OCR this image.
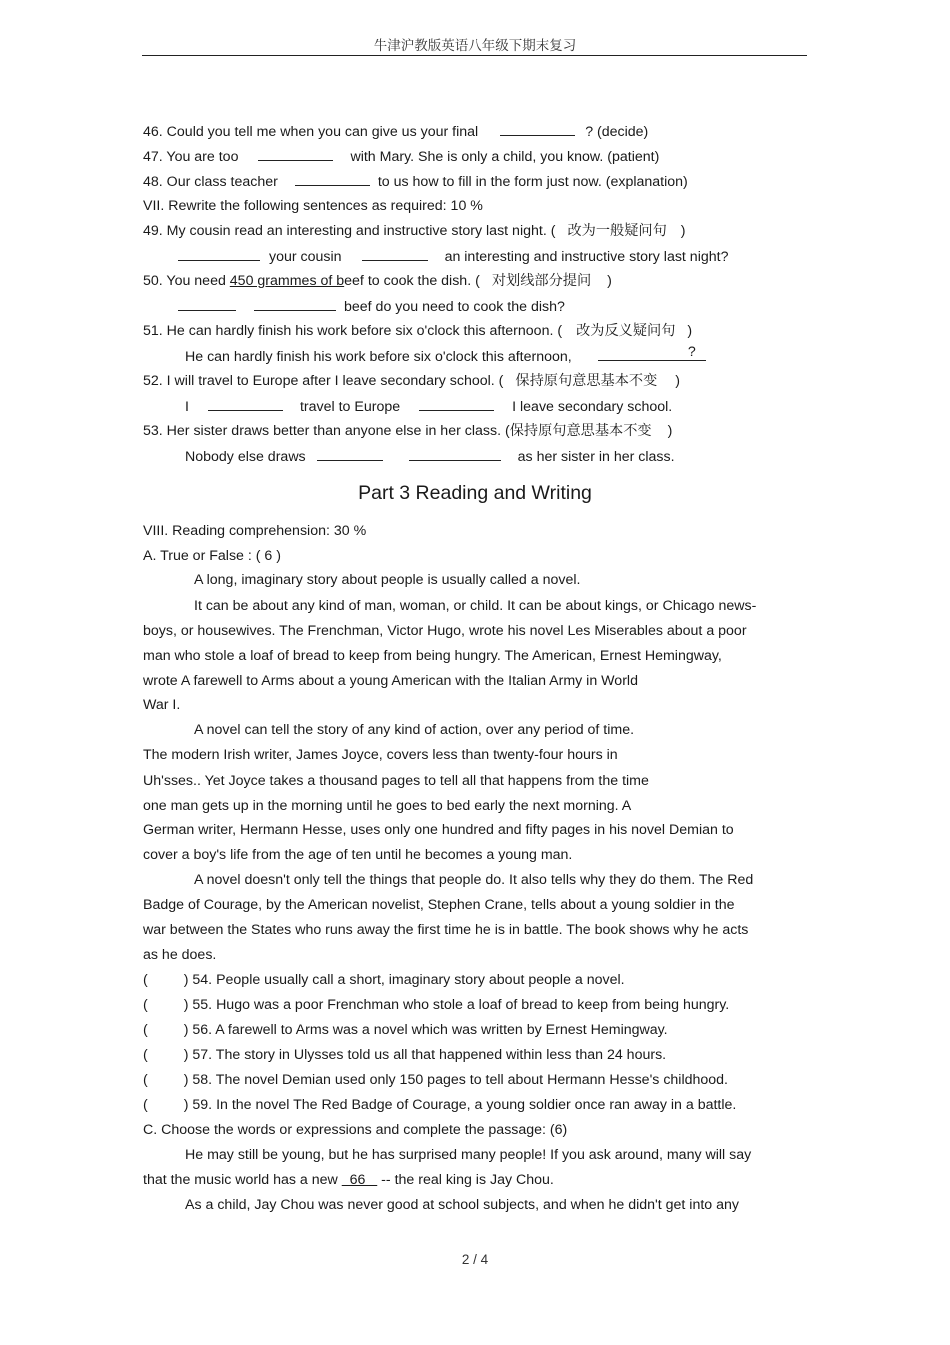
牛津沪教版英语八年级下期末复习
46. Could you tell me when you can give us your final	? (decide)
47. You are too	with Mary. She is only a child, you know. (patient)
48. Our class teacher	to us how to fill in the form just now. (explanation)
VII. Rewrite the following sentences as required: 10 %
49. My cousin read an interesting and instructive story last night. ( 改为一般疑问句 )
your cousin	an interesting and instructive story last night?
50. You need 450 grammes of beef to cook the dish. ( 对划线部分提问 )
beef do you need to cook the dish?
51. He can hardly finish his work before six o'clock this afternoon. ( 改为反义疑问句 )
He can hardly finish his work before six o'clock this afternoon,	?
52. I will travel to Europe after I leave secondary school. ( 保持原句意思基本不变 )
I	travel to Europe	I leave secondary school.
53. Her sister draws better than anyone else in her class. (保持原句意思基本不变 )
Nobody else draws	as her sister in her class.
Part 3 Reading and Writing
VIII. Reading comprehension: 30 %
A. True or False : ( 6 )
A long, imaginary story about people is usually called a novel.
It can be about any kind of man, woman, or child. It can be about kings, or Chicago news-
boys, or housewives. The Frenchman, Victor Hugo, wrote his novel Les Miserables about a poor
man who stole a loaf of bread to keep from being hungry. The American, Ernest Hemingway,
wrote A farewell to Arms about a young American with the Italian Army in World
War I.
A novel can tell the story of any kind of action, over any period of time.
The modern Irish writer, James Joyce, covers less than twenty-four hours in
Uh'sses.. Yet Joyce takes a thousand pages to tell all that happens from the time
one man gets up in the morning until he goes to bed early the next morning. A
German writer, Hermann Hesse, uses only one hundred and fifty pages in his novel Demian to
cover a boy's life from the age of ten until he becomes a young man.
A novel doesn't only tell the things that people do. It also tells why they do them. The Red
Badge of Courage, by the American novelist, Stephen Crane, tells about a young soldier in the
war between the States who runs away the first time he is in battle. The book shows why he acts
as he does.
(	) 54. People usually call a short, imaginary story about people a novel.
(	) 55. Hugo was a poor Frenchman who stole a loaf of bread to keep from being hungry.
(	) 56. A farewell to Arms was a novel which was written by Ernest Hemingway.
(	) 57. The story in Ulysses told us all that happened within less than 24 hours.
(	) 58. The novel Demian used only 150 pages to tell about Hermann Hesse's childhood.
(	) 59. In the novel The Red Badge of Courage, a young soldier once ran away in a battle.
C. Choose the words or expressions and complete the passage: (6)
He may still be young, but he has surprised many people! If you ask around, many will say
that the music world has a new   66    -- the real king is Jay Chou.
As a child, Jay Chou was never good at school subjects, and when he didn't get into any
2 / 4
